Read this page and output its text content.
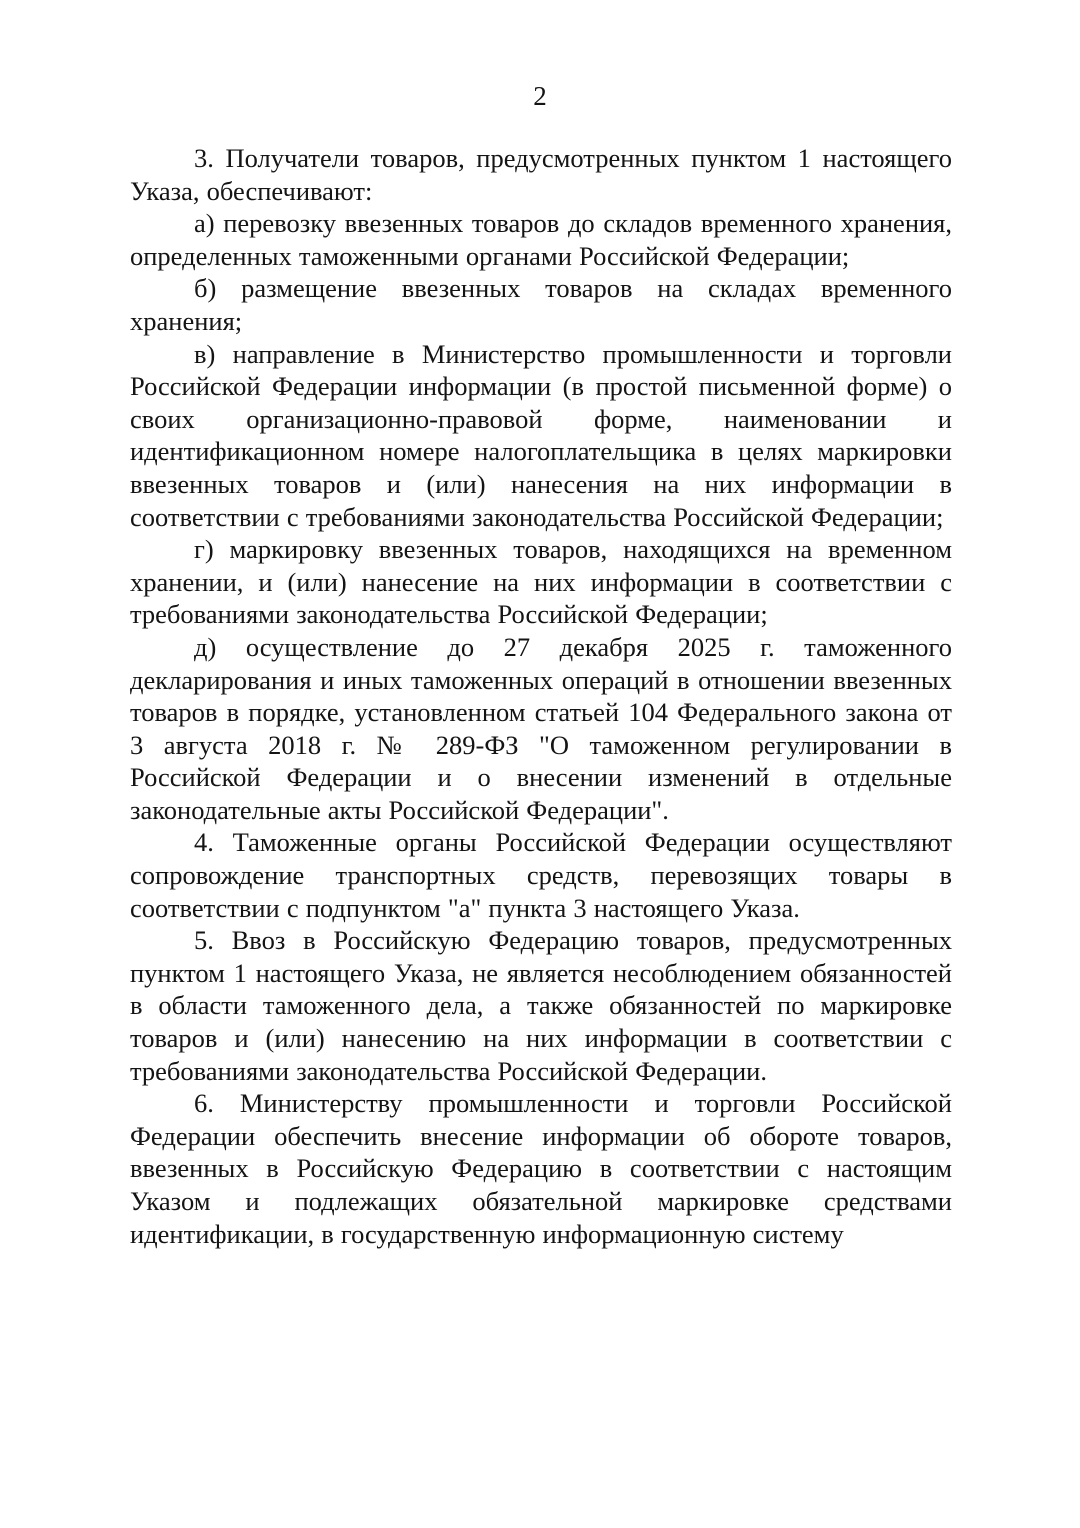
2

3. Получатели товаров, предусмотренных пунктом 1 настоящего Указа, обеспечивают:

а) перевозку ввезенных товаров до складов временного хранения, определенных таможенными органами Российской Федерации;

б) размещение ввезенных товаров на складах временного хранения;

в) направление в Министерство промышленности и торговли Российской Федерации информации (в простой письменной форме) о своих организационно-правовой форме, наименовании и идентификационном номере налогоплательщика в целях маркировки ввезенных товаров и (или) нанесения на них информации в соответствии с требованиями законодательства Российской Федерации;

г) маркировку ввезенных товаров, находящихся на временном хранении, и (или) нанесение на них информации в соответствии с требованиями законодательства Российской Федерации;

д) осуществление до 27 декабря 2025 г. таможенного декларирования и иных таможенных операций в отношении ввезенных товаров в порядке, установленном статьей 104 Федерального закона от 3 августа 2018 г. № 289-ФЗ "О таможенном регулировании в Российской Федерации и о внесении изменений в отдельные законодательные акты Российской Федерации".

4. Таможенные органы Российской Федерации осуществляют сопровождение транспортных средств, перевозящих товары в соответствии с подпунктом "а" пункта 3 настоящего Указа.

5. Ввоз в Российскую Федерацию товаров, предусмотренных пунктом 1 настоящего Указа, не является несоблюдением обязанностей в области таможенного дела, а также обязанностей по маркировке товаров и (или) нанесению на них информации в соответствии с требованиями законодательства Российской Федерации.

6. Министерству промышленности и торговли Российской Федерации обеспечить внесение информации об обороте товаров, ввезенных в Российскую Федерацию в соответствии с настоящим Указом и подлежащих обязательной маркировке средствами идентификации, в государственную информационную систему
